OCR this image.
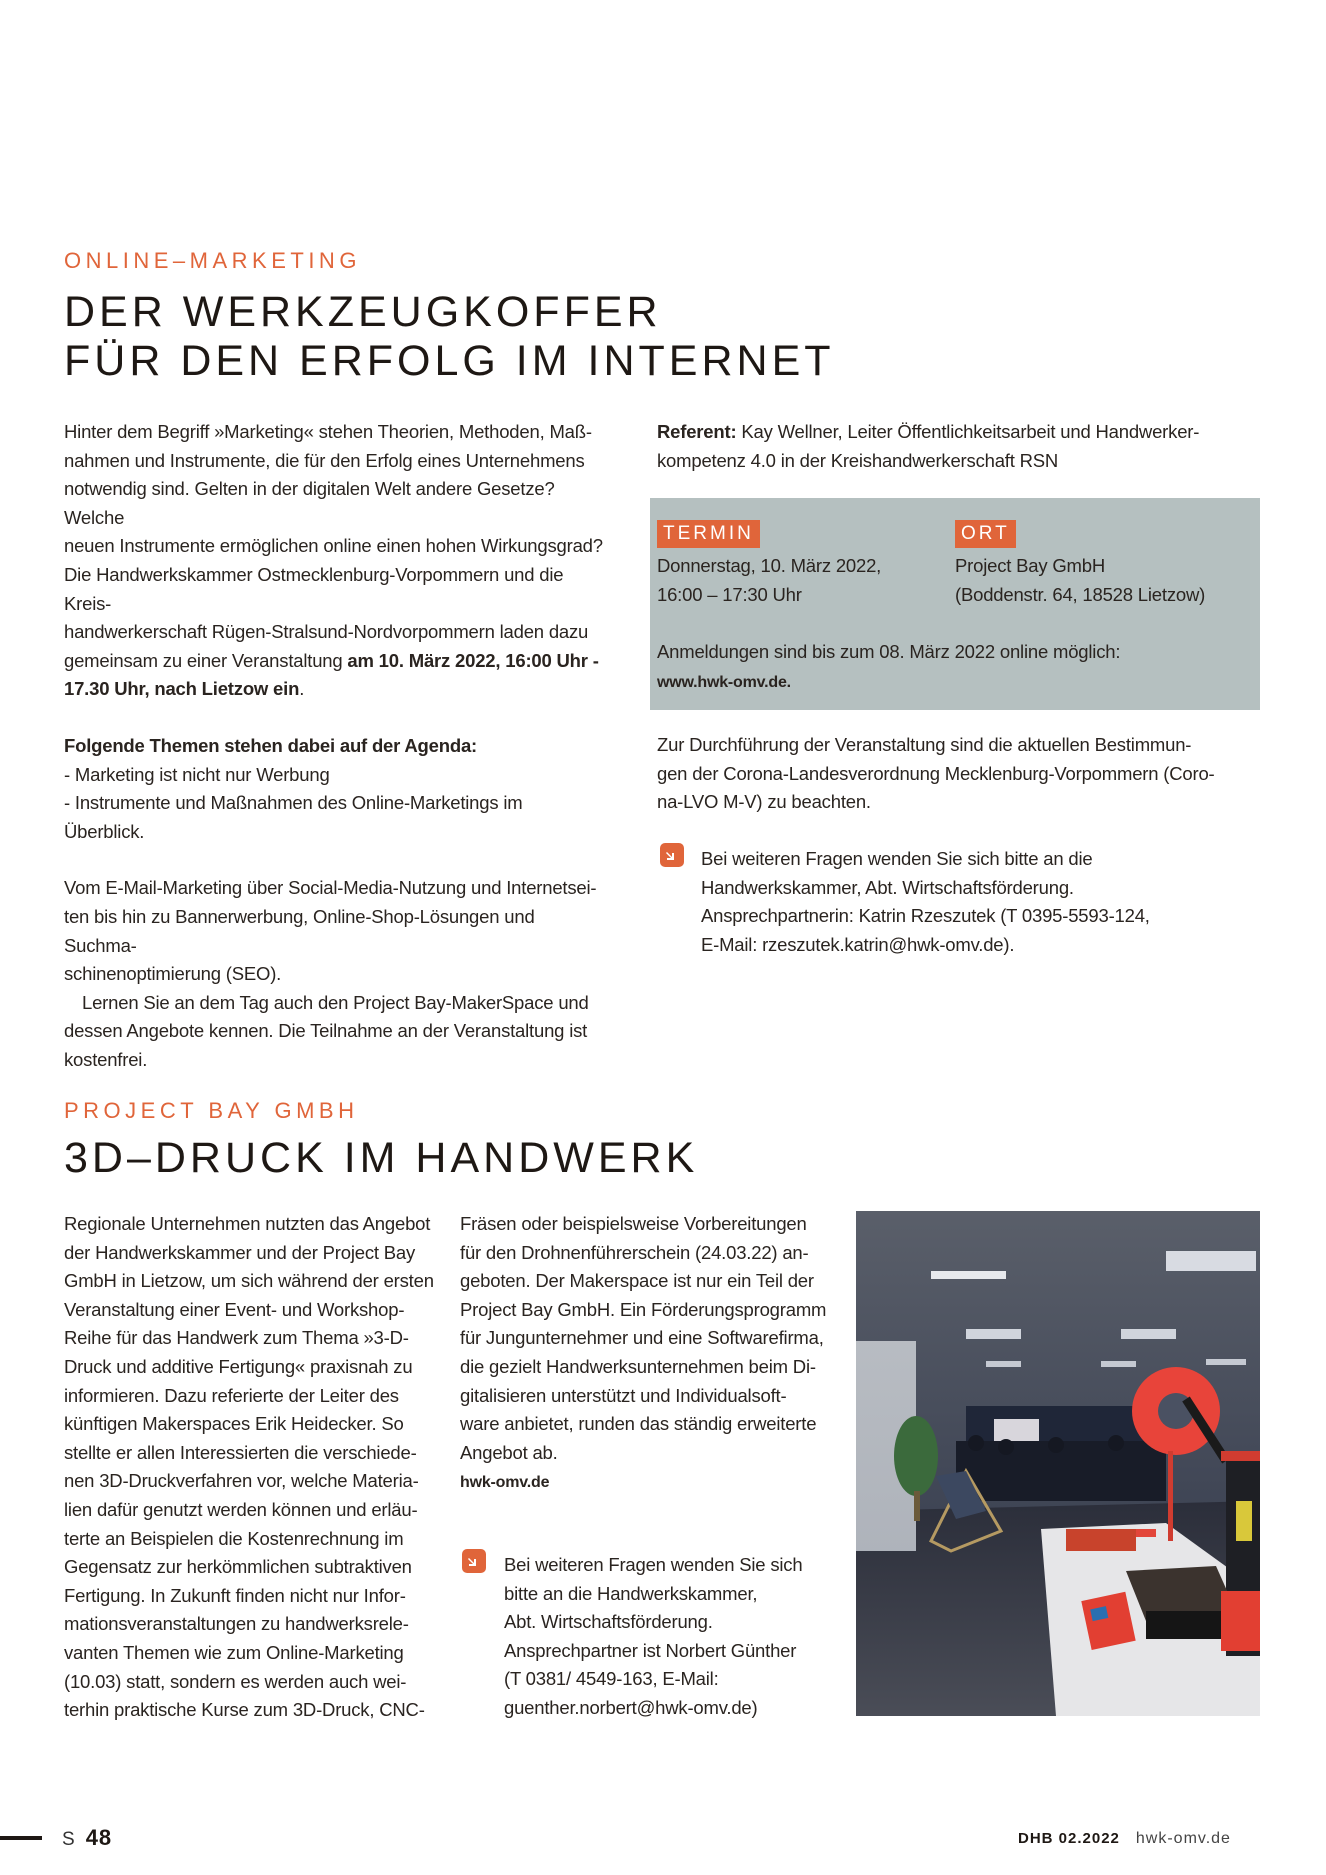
ONLINE–MARKETING
DER WERKZEUGKOFFER
FÜR DEN ERFOLG IM INTERNET

Hinter dem Begriff »Marketing« stehen Theorien, Methoden, Maß-

nahmen und Instrumente, die für den Erfolg eines Unternehmens

notwendig sind. Gelten in der digitalen Welt andere Gesetze? Welche

neuen Instrumente ermöglichen online einen hohen Wirkungsgrad?

Die Handwerkskammer Ostmecklenburg-Vorpommern und die Kreis-

handwerkerschaft Rügen-Stralsund-Nordvorpommern laden dazu

gemeinsam zu einer Veranstaltung am 10. März 2022, 16:00 Uhr -

17.30 Uhr, nach Lietzow ein.

Folgende Themen stehen dabei auf der Agenda:

- Marketing ist nicht nur Werbung

- Instrumente und Maßnahmen des Online-Marketings im Überblick.

Vom E-Mail-Marketing über Social-Media-Nutzung und Internetsei-

ten bis hin zu Bannerwerbung, Online-Shop-Lösungen und Suchma-

schinenoptimierung (SEO).

Lernen Sie an dem Tag auch den Project Bay-MakerSpace und

dessen Angebote kennen. Die Teilnahme an der Veranstaltung ist

kostenfrei.

Referent: Kay Wellner, Leiter Öffentlichkeitsarbeit und Handwerker-

kompetenz 4.0 in der Kreishandwerkerschaft RSN

TERMIN

Donnerstag, 10. März 2022,

16:00 – 17:30 Uhr

ORT

Project Bay GmbH

(Boddenstr. 64, 18528 Lietzow)

Anmeldungen sind bis zum 08. März 2022 online möglich:

www.hwk-omv.de.

Zur Durchführung der Veranstaltung sind die aktuellen Bestimmun-

gen der Corona-Landesverordnung Mecklenburg-Vorpommern (Coro-

na-LVO M-V) zu beachten.

Bei weiteren Fragen wenden Sie sich bitte an die

Handwerkskammer, Abt. Wirtschaftsförderung.

Ansprechpartnerin: Katrin Rzeszutek (T 0395-5593-124,

E-Mail: rzeszutek.katrin@hwk-omv.de).

PROJECT BAY GMBH
3D–DRUCK IM HANDWERK

Regionale Unternehmen nutzten das Angebot

der Handwerkskammer und der Project Bay

GmbH in Lietzow, um sich während der ersten

Veranstaltung einer Event- und Workshop-

Reihe für das Handwerk zum Thema »3-D-

Druck und additive Fertigung« praxisnah zu

informieren. Dazu referierte der Leiter des

künftigen Makerspaces Erik Heidecker. So

stellte er allen Interessierten die verschiede-

nen 3D-Druckverfahren vor, welche Materia-

lien dafür genutzt werden können und erläu-

terte an Beispielen die Kostenrechnung im

Gegensatz zur herkömmlichen subtraktiven

Fertigung. In Zukunft finden nicht nur Infor-

mationsveranstaltungen zu handwerksrele-

vanten Themen wie zum Online-Marketing

(10.03) statt, sondern es werden auch wei-

terhin praktische Kurse zum 3D-Druck, CNC-

Fräsen oder beispielsweise Vorbereitungen

für den Drohnenführerschein (24.03.22) an-

geboten. Der Makerspace ist nur ein Teil der

Project Bay GmbH. Ein Förderungsprogramm

für Jungunternehmer und eine Softwarefirma,

die gezielt Handwerksunternehmen beim Di-

gitalisieren unterstützt und Individualsoft-

ware anbietet, runden das ständig erweiterte

Angebot ab.

hwk-omv.de

Bei weiteren Fragen wenden Sie sich

bitte an die Handwerkskammer,

Abt. Wirtschaftsförderung.

Ansprechpartner ist Norbert Günther

(T 0381/ 4549-163, E-Mail:

guenther.norbert@hwk-omv.de)

S 48	DHB 02.2022 hwk-omv.de
